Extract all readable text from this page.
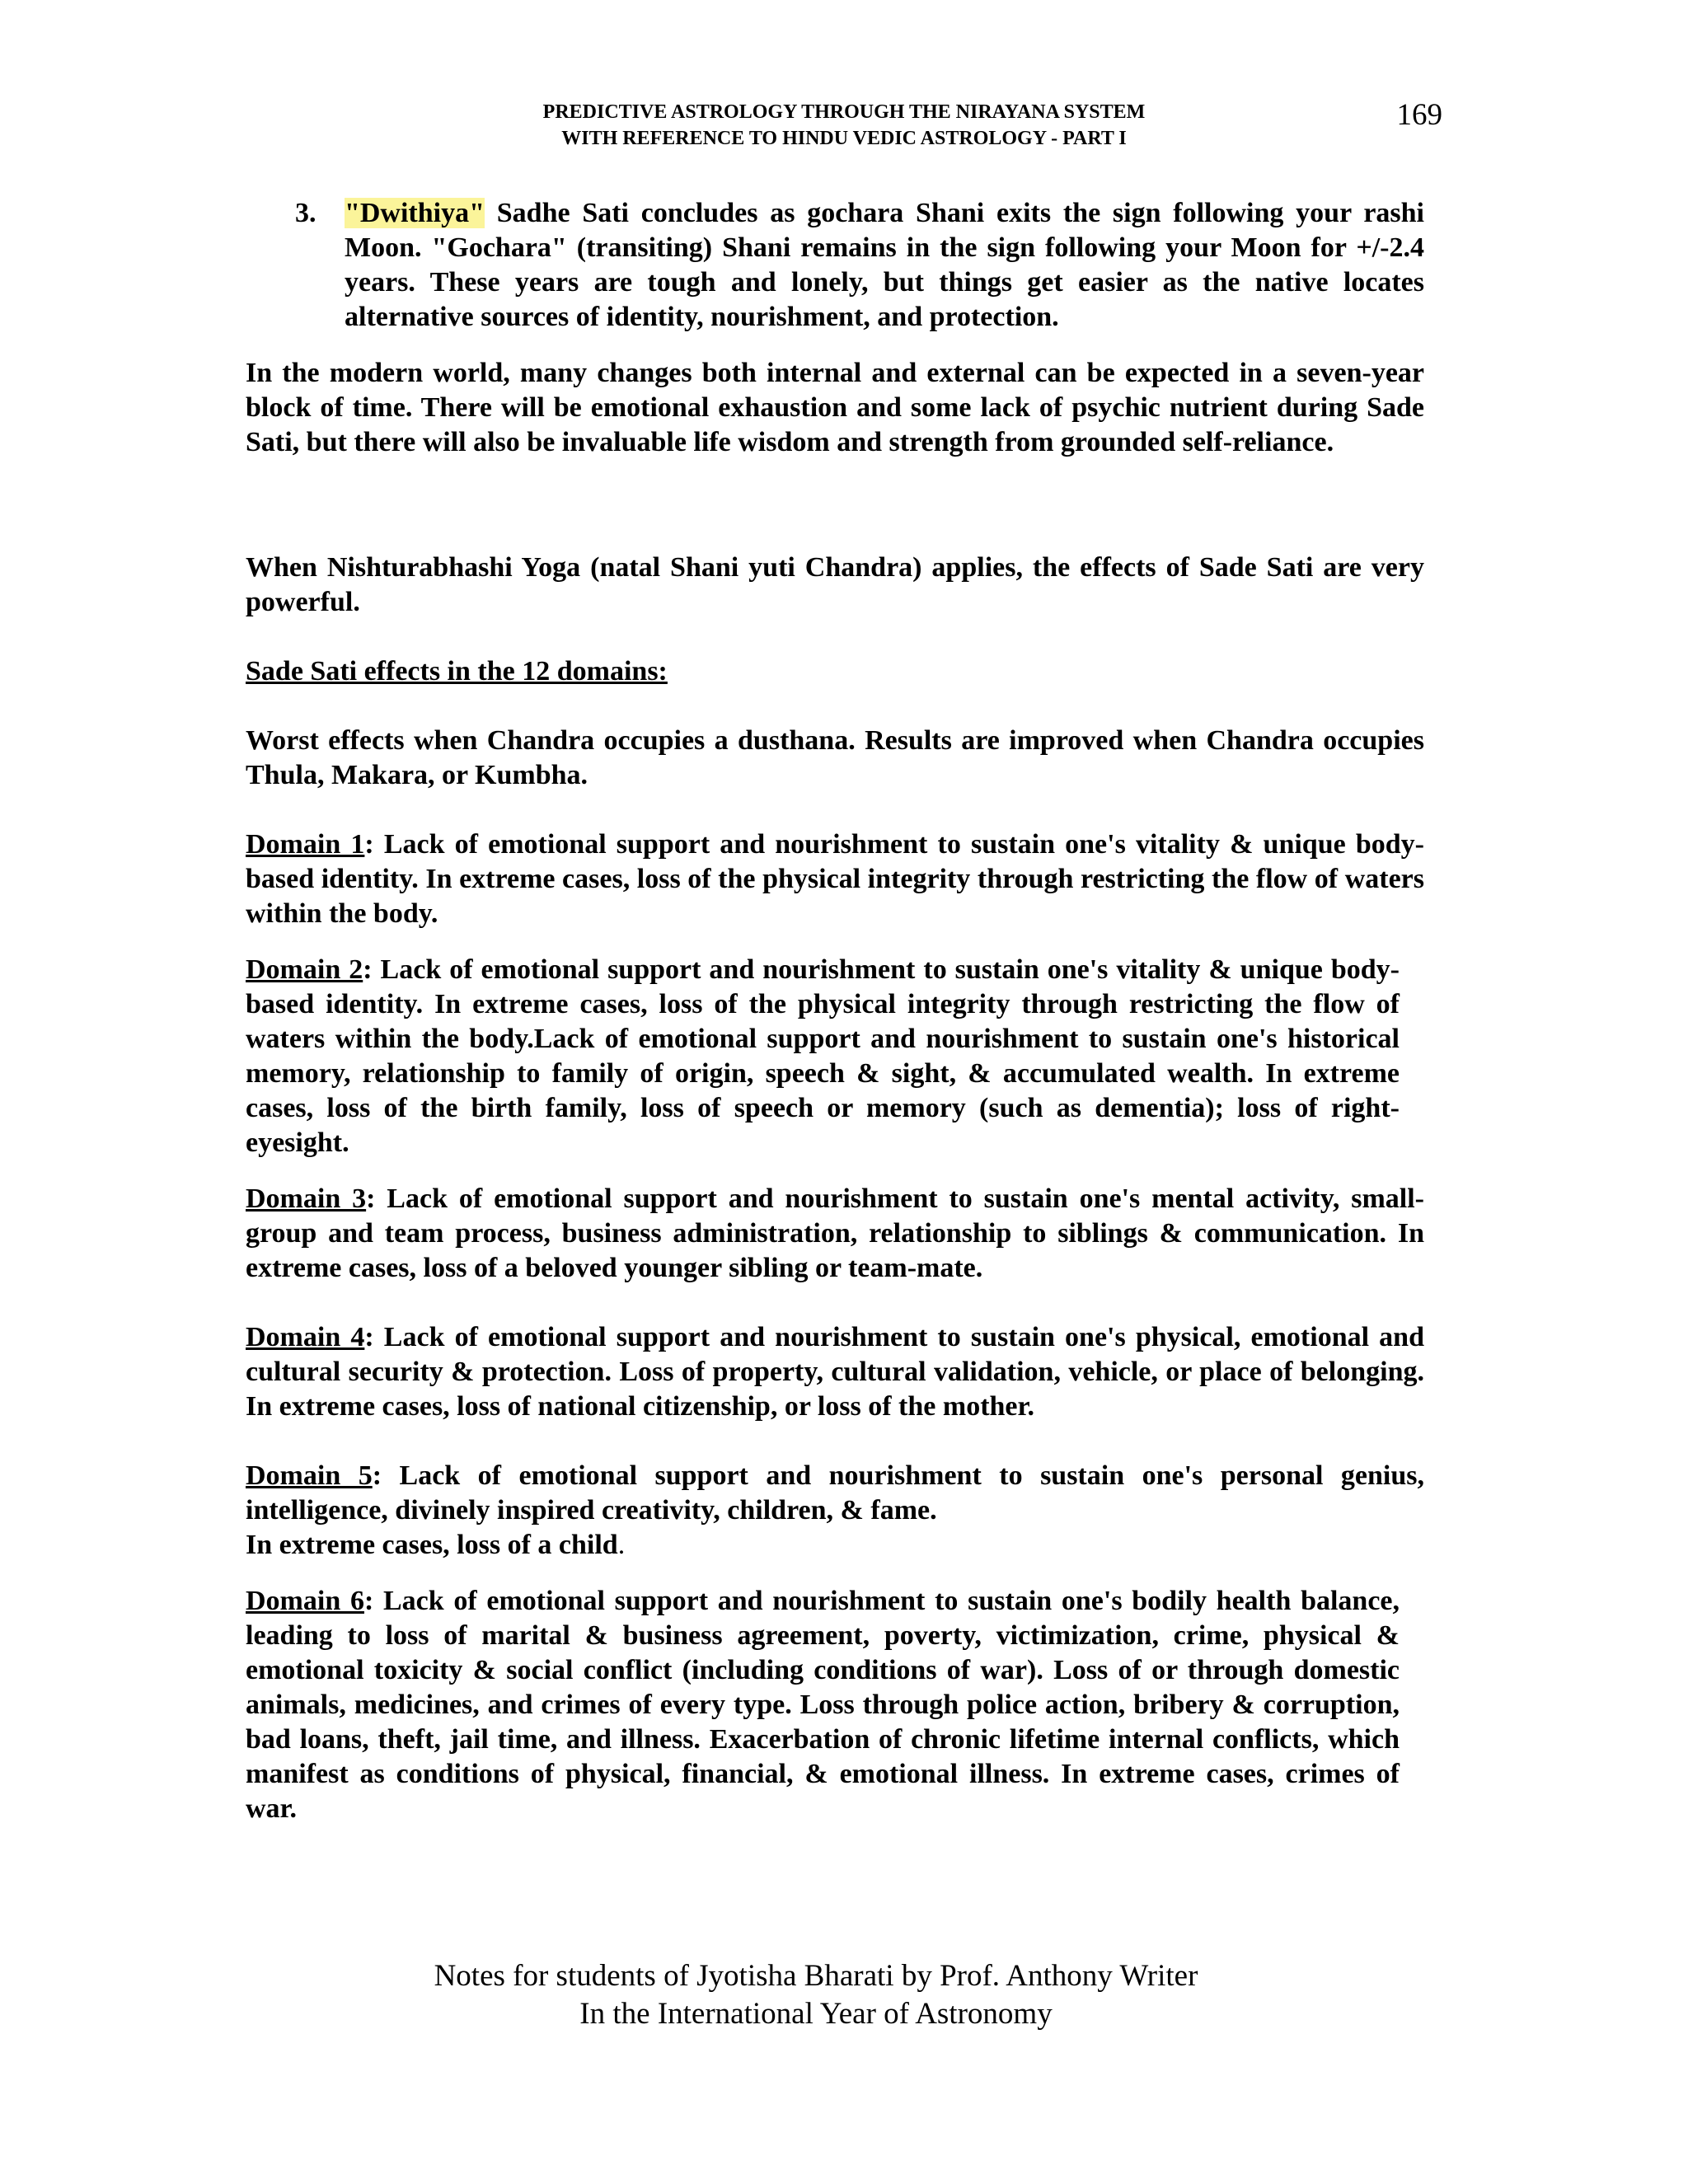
PREDICTIVE ASTROLOGY THROUGH THE NIRAYANA SYSTEM
WITH REFERENCE TO HINDU VEDIC ASTROLOGY - PART I
169
3.	"Dwithiya" Sadhe Sati concludes as gochara Shani exits the sign following your rashi Moon. "Gochara" (transiting) Shani remains in the sign following your Moon for +/-2.4 years. These years are tough and lonely, but things get easier as the native locates alternative sources of identity, nourishment, and protection.

In the modern world, many changes both internal and external can be expected in a seven-year block of time. There will be emotional exhaustion and some lack of psychic nutrient during Sade Sati, but there will also be invaluable life wisdom and strength from grounded self-reliance.

When Nishturabhashi Yoga (natal Shani yuti Chandra) applies, the effects of Sade Sati are very powerful.

Sade Sati effects in the 12 domains:

Worst effects when Chandra occupies a dusthana. Results are improved when Chandra occupies Thula, Makara, or Kumbha.

Domain 1: Lack of emotional support and nourishment to sustain one's vitality & unique body-based identity. In extreme cases, loss of the physical integrity through restricting the flow of waters within the body.

Domain 2: Lack of emotional support and nourishment to sustain one's vitality & unique body-based identity. In extreme cases, loss of the physical integrity through restricting the flow of waters within the body.Lack of emotional support and nourishment to sustain one's historical memory, relationship to family of origin, speech & sight, & accumulated wealth. In extreme cases, loss of the birth family, loss of speech or memory (such as dementia); loss of right-eyesight.

Domain 3: Lack of emotional support and nourishment to sustain one's mental activity, small-group and team process, business administration, relationship to siblings & communication. In extreme cases, loss of a beloved younger sibling or team-mate.

Domain 4: Lack of emotional support and nourishment to sustain one's physical, emotional and cultural security & protection. Loss of property, cultural validation, vehicle, or place of belonging. In extreme cases, loss of national citizenship, or loss of the mother.

Domain 5: Lack of emotional support and nourishment to sustain one's personal genius, intelligence, divinely inspired creativity, children, & fame.

In extreme cases, loss of a child.

Domain 6: Lack of emotional support and nourishment to sustain one's bodily health balance, leading to loss of marital & business agreement, poverty, victimization, crime, physical & emotional toxicity & social conflict (including conditions of war). Loss of or through domestic animals, medicines, and crimes of every type. Loss through police action, bribery & corruption, bad loans, theft, jail time, and illness. Exacerbation of chronic lifetime internal conflicts, which manifest as conditions of physical, financial, & emotional illness. In extreme cases, crimes of war.

Notes for students of Jyotisha Bharati by Prof. Anthony Writer
In the International Year of Astronomy
